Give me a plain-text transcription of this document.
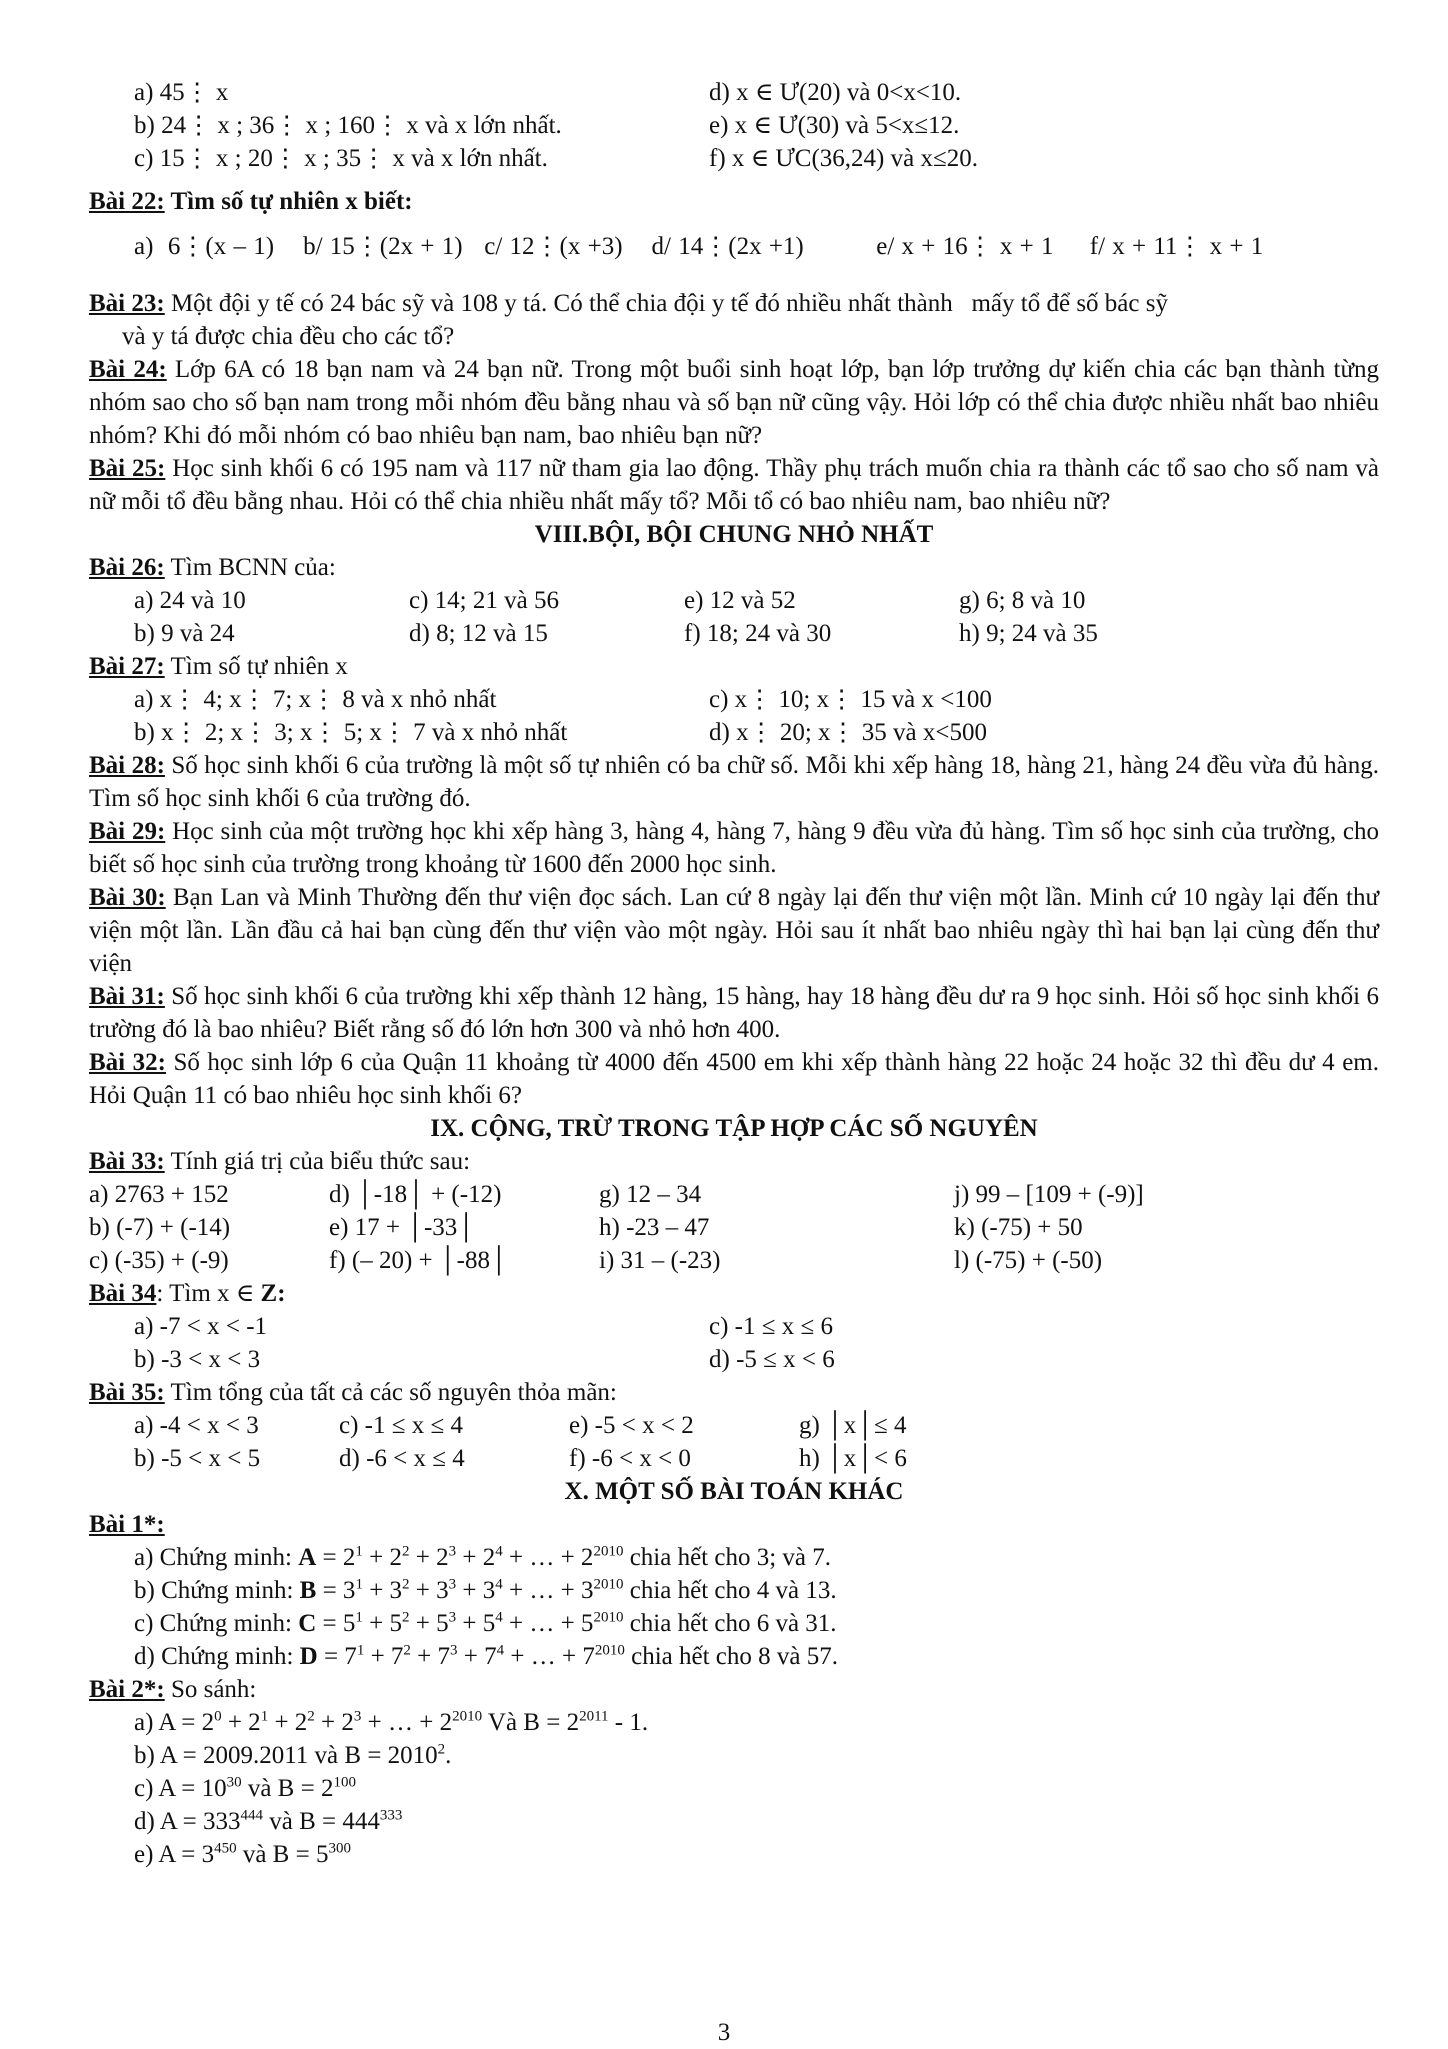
a) 45⋮ x	d) x ∈ Ư(20) và 0<x<10.
b) 24⋮ x ; 36⋮ x ; 160⋮ x và x lớn nhất.	e) x ∈ Ư(30) và 5<x≤12.
c) 15⋮ x ; 20⋮ x ; 35⋮ x và x lớn nhất.	f) x ∈ ƯC(36,24) và x≤20.
Bài 22: Tìm số tự nhiên x biết:
a)  6⋮(x – 1)    b/ 15⋮(2x + 1)   c/ 12⋮(x +3)    d/ 14⋮(2x +1)          e/ x + 16⋮ x + 1     f/ x + 11⋮ x + 1
Bài 23: Một đội y tế có 24 bác sỹ và 108 y tá. Có thể chia đội y tế đó nhiều nhất thành   mấy tổ để số bác sỹ
và y tá được chia đều cho các tổ?
Bài 24: Lớp 6A có 18 bạn nam và 24 bạn nữ. Trong một buổi sinh hoạt lớp, bạn lớp trưởng dự kiến chia các bạn thành từng nhóm sao cho số bạn nam trong mỗi nhóm đều bằng nhau và số bạn nữ cũng vậy. Hỏi lớp có thể chia được nhiều nhất bao nhiêu nhóm? Khi đó mỗi nhóm có bao nhiêu bạn nam, bao nhiêu bạn nữ?
Bài 25: Học sinh khối 6 có 195 nam và 117 nữ tham gia lao động. Thầy phụ trách muốn chia ra thành các tổ sao cho số nam và nữ mỗi tổ đều bằng nhau. Hỏi có thể chia nhiều nhất mấy tổ? Mỗi tổ có bao nhiêu nam, bao nhiêu nữ?
VIII.BỘI, BỘI CHUNG NHỎ NHẤT
Bài 26: Tìm BCNN của:
a) 24 và 10	c) 14; 21 và 56	e) 12 và 52	g) 6; 8 và 10
b) 9 và 24	d) 8; 12 và 15	f) 18; 24 và 30	h) 9; 24 và 35
Bài 27: Tìm số tự nhiên x
a) x⋮ 4; x⋮ 7; x⋮ 8 và x nhỏ nhất	c) x⋮ 10; x⋮ 15 và x <100
b) x⋮ 2; x⋮ 3; x⋮ 5; x⋮ 7 và x nhỏ nhất	d) x⋮ 20; x⋮ 35 và x<500
Bài 28: Số học sinh khối 6 của trường là một số tự nhiên có ba chữ số. Mỗi khi xếp hàng 18, hàng 21, hàng 24 đều vừa đủ hàng. Tìm số học sinh khối 6 của trường đó.
Bài 29: Học sinh của một trường học khi xếp hàng 3, hàng 4, hàng 7, hàng 9 đều vừa đủ hàng. Tìm số học sinh của trường, cho biết số học sinh của trường trong khoảng từ 1600 đến 2000 học sinh.
Bài 30: Bạn Lan và Minh Thường đến thư viện đọc sách. Lan cứ 8 ngày lại đến thư viện một lần. Minh cứ 10 ngày lại đến thư viện một lần. Lần đầu cả hai bạn cùng đến thư viện vào một ngày. Hỏi sau ít nhất bao nhiêu ngày thì hai bạn lại cùng đến thư viện
Bài 31: Số học sinh khối 6 của trường khi xếp thành 12 hàng, 15 hàng, hay 18 hàng đều dư ra 9 học sinh. Hỏi số học sinh khối 6 trường đó là bao nhiêu? Biết rằng số đó lớn hơn 300 và nhỏ hơn 400.
Bài 32: Số học sinh lớp 6 của Quận 11 khoảng từ 4000 đến 4500 em khi xếp thành hàng 22 hoặc 24 hoặc 32 thì đều dư 4 em. Hỏi Quận 11 có bao nhiêu học sinh khối 6?
IX. CỘNG, TRỪ TRONG TẬP HỢP CÁC SỐ NGUYÊN
Bài 33: Tính giá trị của biểu thức sau:
a) 2763 + 152	d) │-18│ + (-12)	g) 12 – 34	j) 99 – [109 + (-9)]
b) (-7) + (-14)	e) 17 + │-33│	h) -23 – 47	k) (-75) + 50
c) (-35) + (-9)	f) (– 20) + │-88│	i) 31 – (-23)	l) (-75) + (-50)
Bài 34: Tìm x ∈ Z:
a) -7 < x < -1	c) -1 ≤ x ≤ 6
b) -3 < x < 3	d) -5 ≤ x < 6
Bài 35: Tìm tổng của tất cả các số nguyên thỏa mãn:
a) -4 < x < 3	c) -1 ≤ x ≤ 4	e) -5 < x < 2	g) │x│≤ 4
b) -5 < x < 5	d) -6 < x ≤ 4	f) -6 < x < 0	h) │x│< 6
X. MỘT SỐ BÀI TOÁN KHÁC
Bài 1*:
a) Chứng minh: $A = 2^1 + 2^2 + 2^3 + 2^4$ + … + $2^{2010}$ chia hết cho 3; và 7.
b) Chứng minh: $B = 3^1 + 3^2 + 3^3 + 3^4$ + … + $3^{2010}$ chia hết cho 4 và 13.
c) Chứng minh: $C = 5^1 + 5^2 + 5^3 + 5^4$ + … + $5^{2010}$ chia hết cho 6 và 31.
d) Chứng minh: $D = 7^1 + 7^2 + 7^3 + 7^4$ + … + $7^{2010}$ chia hết cho 8 và 57.
Bài 2*: So sánh:
a) $A = 2^0 + 2^1 + 2^2 + 2^3$ + … + $2^{2010}$ Và $B = 2^{2011} - 1$.
b) A = 2009.2011 và $B = 2010^2$.
c) $A = 10^{30}$ và $B = 2^{100}$
d) $A = 333^{444}$ và $B = 444^{333}$
e) $A = 3^{450}$ và $B = 5^{300}$
3
